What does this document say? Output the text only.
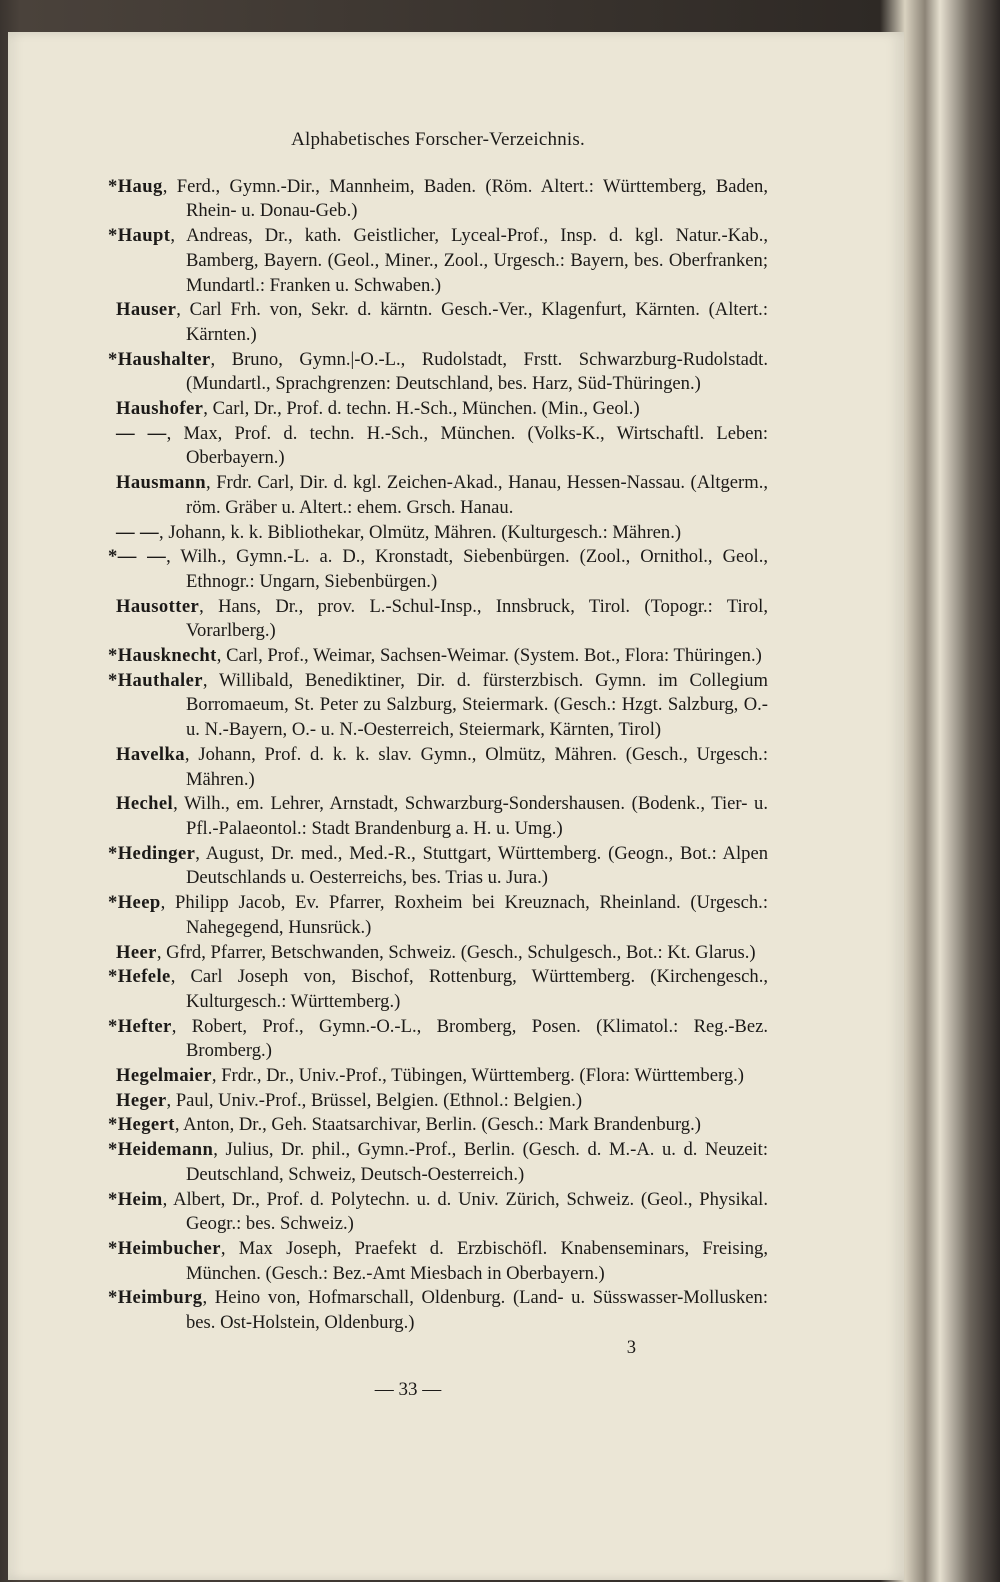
Alphabetisches Forscher-Verzeichnis.
*Haug, Ferd., Gymn.-Dir., Mannheim, Baden. (Röm. Altert.: Württemberg, Baden, Rhein- u. Donau-Geb.)
*Haupt, Andreas, Dr., kath. Geistlicher, Lyceal-Prof., Insp. d. kgl. Natur.-Kab., Bamberg, Bayern. (Geol., Miner., Zool., Urgesch.: Bayern, bes. Oberfranken; Mundartl.: Franken u. Schwaben.)
Hauser, Carl Frh. von, Sekr. d. kärntn. Gesch.-Ver., Klagenfurt, Kärnten. (Altert.: Kärnten.)
*Haushalter, Bruno, Gymn.|-O.-L., Rudolstadt, Frstt. Schwarzburg-Rudolstadt. (Mundartl., Sprachgrenzen: Deutschland, bes. Harz, Süd-Thüringen.)
Haushofer, Carl, Dr., Prof. d. techn. H.-Sch., München. (Min., Geol.)
— —, Max, Prof. d. techn. H.-Sch., München. (Volks-K., Wirtschaftl. Leben: Oberbayern.)
Hausmann, Frdr. Carl, Dir. d. kgl. Zeichen-Akad., Hanau, Hessen-Nassau. (Altgerm., röm. Gräber u. Altert.: ehem. Grsch. Hanau.
— —, Johann, k. k. Bibliothekar, Olmütz, Mähren. (Kulturgesch.: Mähren.)
*— —, Wilh., Gymn.-L. a. D., Kronstadt, Siebenbürgen. (Zool., Ornithol., Geol., Ethnogr.: Ungarn, Siebenbürgen.)
Hausotter, Hans, Dr., prov. L.-Schul-Insp., Innsbruck, Tirol. (Topogr.: Tirol, Vorarlberg.)
*Hausknecht, Carl, Prof., Weimar, Sachsen-Weimar. (System. Bot., Flora: Thüringen.)
*Hauthaler, Willibald, Benediktiner, Dir. d. fürsterzbisch. Gymn. im Collegium Borromaeum, St. Peter zu Salzburg, Steiermark. (Gesch.: Hzgt. Salzburg, O.- u. N.-Bayern, O.- u. N.-Oesterreich, Steiermark, Kärnten, Tirol)
Havelka, Johann, Prof. d. k. k. slav. Gymn., Olmütz, Mähren. (Gesch., Urgesch.: Mähren.)
Hechel, Wilh., em. Lehrer, Arnstadt, Schwarzburg-Sondershausen. (Bodenk., Tier- u. Pfl.-Palaeontol.: Stadt Brandenburg a. H. u. Umg.)
*Hedinger, August, Dr. med., Med.-R., Stuttgart, Württemberg. (Geogn., Bot.: Alpen Deutschlands u. Oesterreichs, bes. Trias u. Jura.)
*Heep, Philipp Jacob, Ev. Pfarrer, Roxheim bei Kreuznach, Rheinland. (Urgesch.: Nahegegend, Hunsrück.)
Heer, Gfrd, Pfarrer, Betschwanden, Schweiz. (Gesch., Schulgesch., Bot.: Kt. Glarus.)
*Hefele, Carl Joseph von, Bischof, Rottenburg, Württemberg. (Kirchengesch., Kulturgesch.: Württemberg.)
*Hefter, Robert, Prof., Gymn.-O.-L., Bromberg, Posen. (Klimatol.: Reg.-Bez. Bromberg.)
Hegelmaier, Frdr., Dr., Univ.-Prof., Tübingen, Württemberg. (Flora: Württemberg.)
Heger, Paul, Univ.-Prof., Brüssel, Belgien. (Ethnol.: Belgien.)
*Hegert, Anton, Dr., Geh. Staatsarchivar, Berlin. (Gesch.: Mark Brandenburg.)
*Heidemann, Julius, Dr. phil., Gymn.-Prof., Berlin. (Gesch. d. M.-A. u. d. Neuzeit: Deutschland, Schweiz, Deutsch-Oesterreich.)
*Heim, Albert, Dr., Prof. d. Polytechn. u. d. Univ. Zürich, Schweiz. (Geol., Physikal. Geogr.: bes. Schweiz.)
*Heimbucher, Max Joseph, Praefekt d. Erzbischöfl. Knabenseminars, Freising, München. (Gesch.: Bez.-Amt Miesbach in Oberbayern.)
*Heimburg, Heino von, Hofmarschall, Oldenburg. (Land- u. Süsswasser-Mollusken: bes. Ost-Holstein, Oldenburg.)
3
— 33 —
